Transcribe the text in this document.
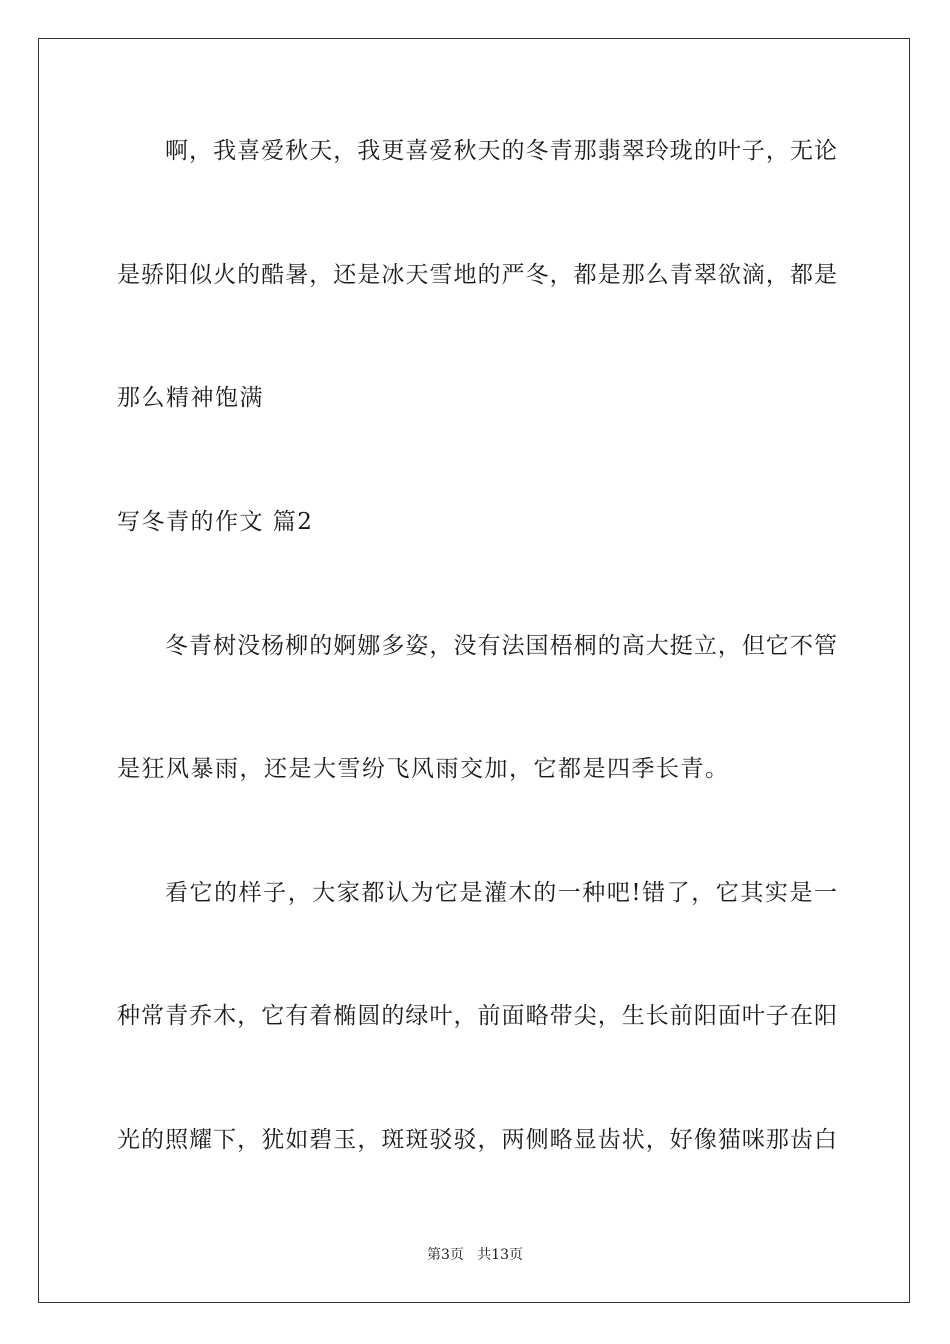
啊，我喜爱秋天，我更喜爱秋天的冬青那翡翠玲珑的叶子，无论
是骄阳似火的酷暑，还是冰天雪地的严冬，都是那么青翠欲滴，都是
那么精神饱满
写冬青的作文 篇2
冬青树没杨柳的婀娜多姿，没有法国梧桐的高大挺立，但它不管
是狂风暴雨，还是大雪纷飞风雨交加，它都是四季长青。
看它的样子，大家都认为它是灌木的一种吧!错了，它其实是一
种常青乔木，它有着椭圆的绿叶，前面略带尖，生长前阳面叶子在阳
光的照耀下，犹如碧玉，斑斑驳驳，两侧略显齿状，好像猫咪那齿白
第3页   共13页
